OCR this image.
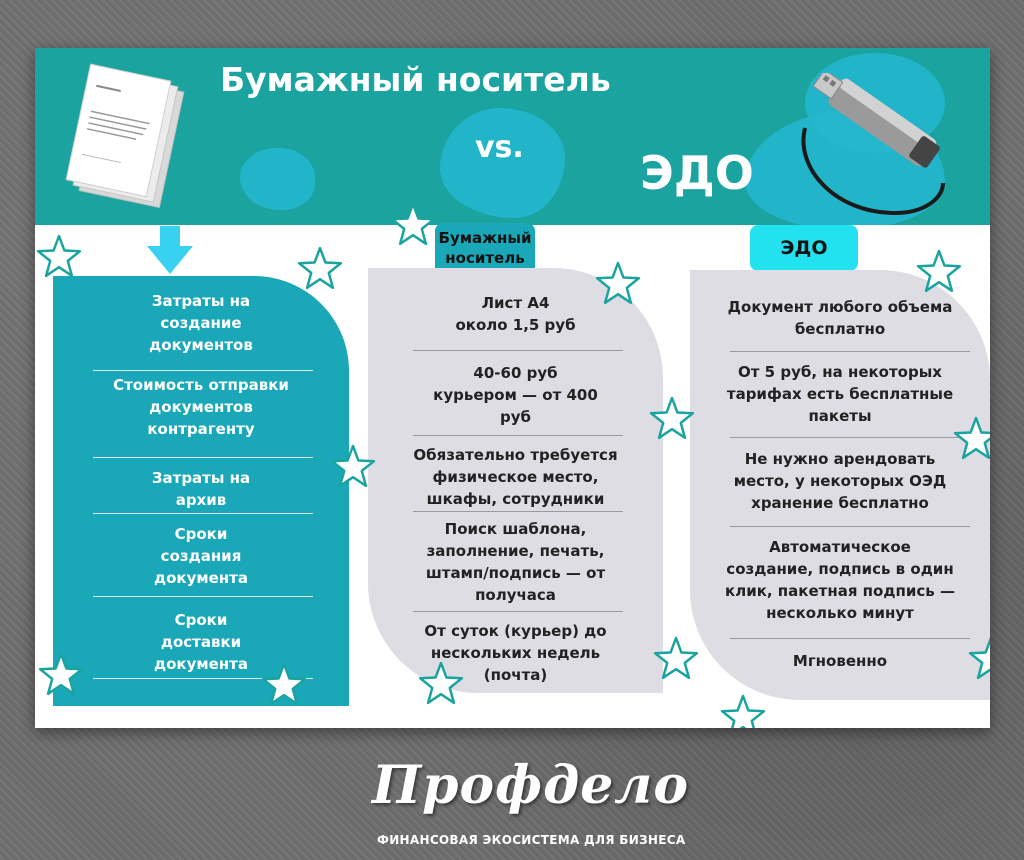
Бумажный носитель
vs.	ЭДО
Бумажный
носитель	ЭДО
Затраты на
создание
документов
Стоимость отправки
документов
контрагенту
Затраты на
архив
Сроки
создания
документа
Сроки
доставки
документа
Лист А4
около 1,5 руб
40-60 руб
курьером — от 400
руб
Обязательно требуется
физическое место,
шкафы, сотрудники
Поиск шаблона,
заполнение, печать,
штамп/подпись — от
получаса
От суток (курьер) до
нескольких недель
(почта)
Документ любого объема
бесплатно
От 5 руб, на некоторых
тарифах есть бесплатные
пакеты
Не нужно арендовать
место, у некоторых ОЭД
хранение бесплатно
Автоматическое
создание, подпись в один
клик, пакетная подпись —
несколько минут
Мгновенно
Профдело
ФИНАНСОВАЯ ЭКОСИСТЕМА ДЛЯ БИЗНЕСА
